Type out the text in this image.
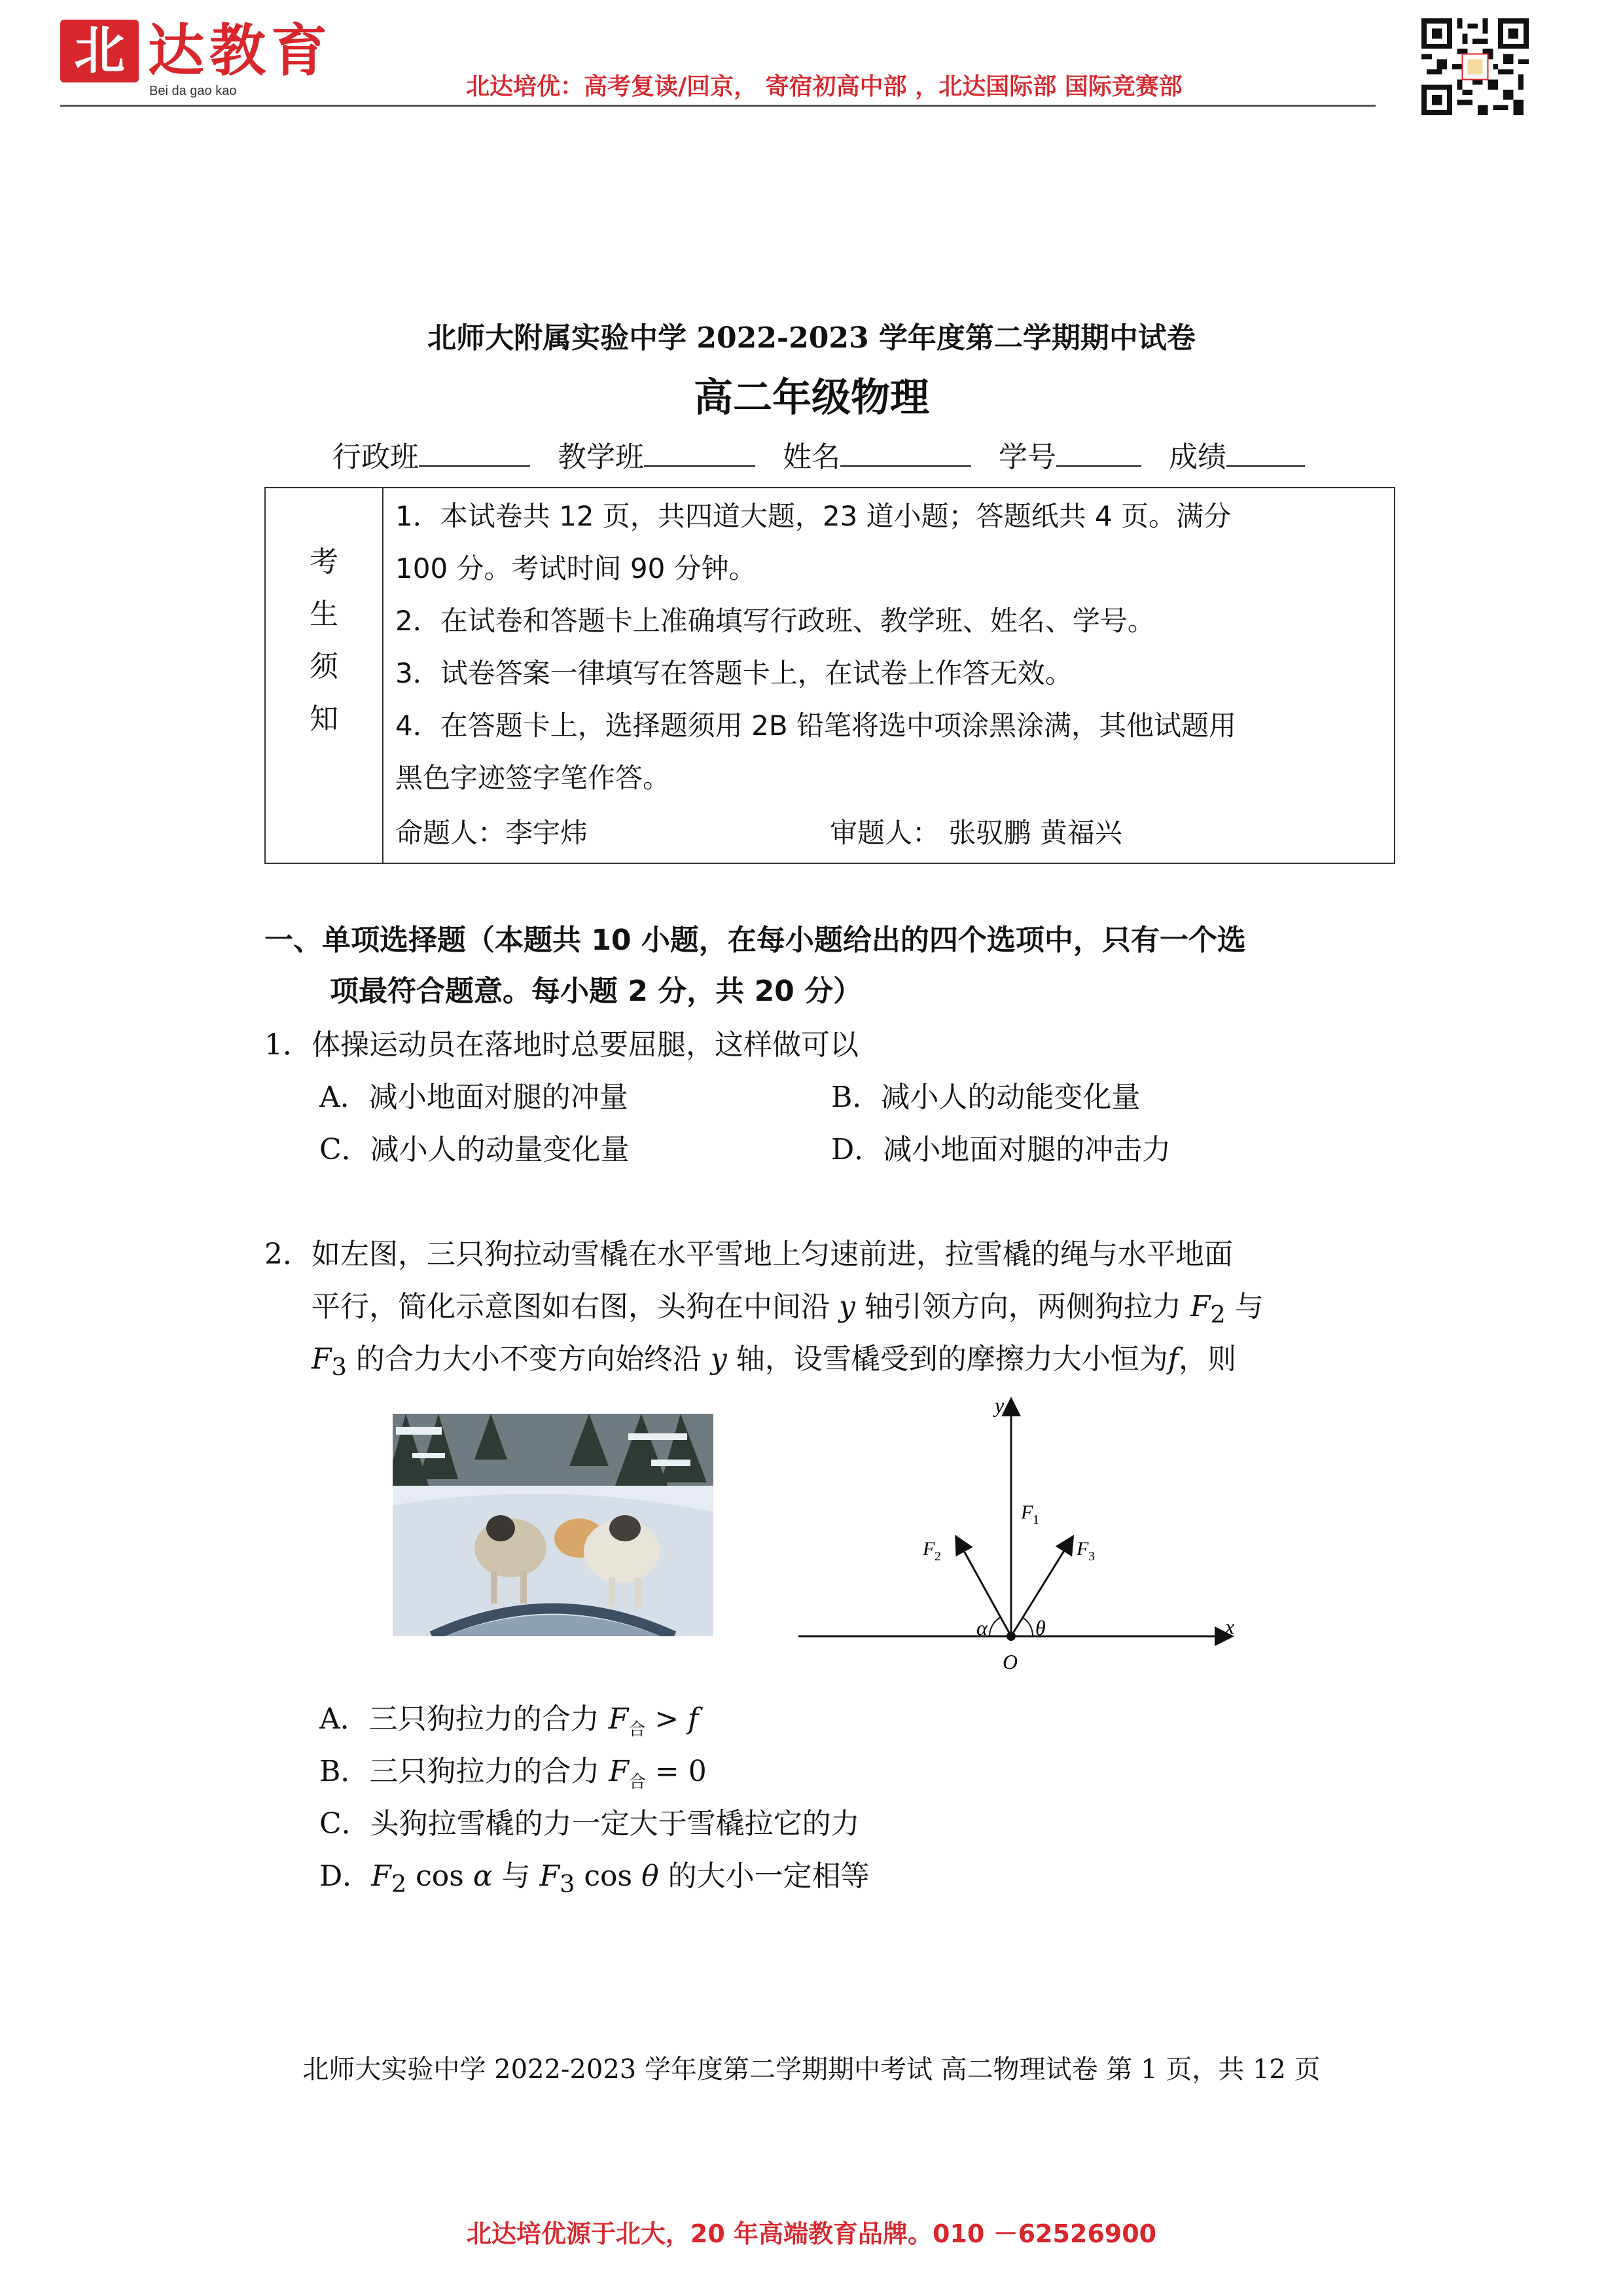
北 达教育
Bei da gao kao	北达培优：高考复读/回京， 寄宿初高中部 ，北达国际部 国际竞赛部
北师大附属实验中学 2022-2023 学年度第二学期期中试卷
高二年级物理
行政班	教学班	姓名	学号	成绩
考
生
须
知
1．本试卷共 12 页，共四道大题，23 道小题；答题纸共 4 页。满分
100 分。考试时间 90 分钟。
2．在试卷和答题卡上准确填写行政班、教学班、姓名、学号。
3．试卷答案一律填写在答题卡上，在试卷上作答无效。
4．在答题卡上，选择题须用 2B 铅笔将选中项涂黑涂满，其他试题用
黑色字迹签字笔作答。
命题人：李宇炜	审题人： 张驭鹏 黄福兴
一、单项选择题（本题共 10 小题，在每小题给出的四个选项中，只有一个选
项最符合题意。每小题 2 分，共 20 分）
1．体操运动员在落地时总要屈腿，这样做可以
A．减小地面对腿的冲量	B．减小人的动能变化量
C．减小人的动量变化量	D．减小地面对腿的冲击力
2．如左图，三只狗拉动雪橇在水平雪地上匀速前进，拉雪橇的绳与水平地面
平行，简化示意图如右图，头狗在中间沿 y 轴引领方向，两侧狗拉力 $F_2$ 与
$F_3$ 的合力大小不变方向始终沿 y 轴，设雪橇受到的摩擦力大小恒为f，则
y
x
O
α θ
F
F	F
1
2	3
A．三只狗拉力的合力 $F_合 > f$
B．三只狗拉力的合力 $F_合 = 0$
C．头狗拉雪橇的力一定大于雪橇拉它的力
D．$F_2$ cos α 与 $F_3$ cos θ 的大小一定相等
北师大实验中学 2022-2023 学年度第二学期期中考试 高二物理试卷 第 1 页，共 12 页
北达培优源于北大，20 年高端教育品牌。010 －62526900
